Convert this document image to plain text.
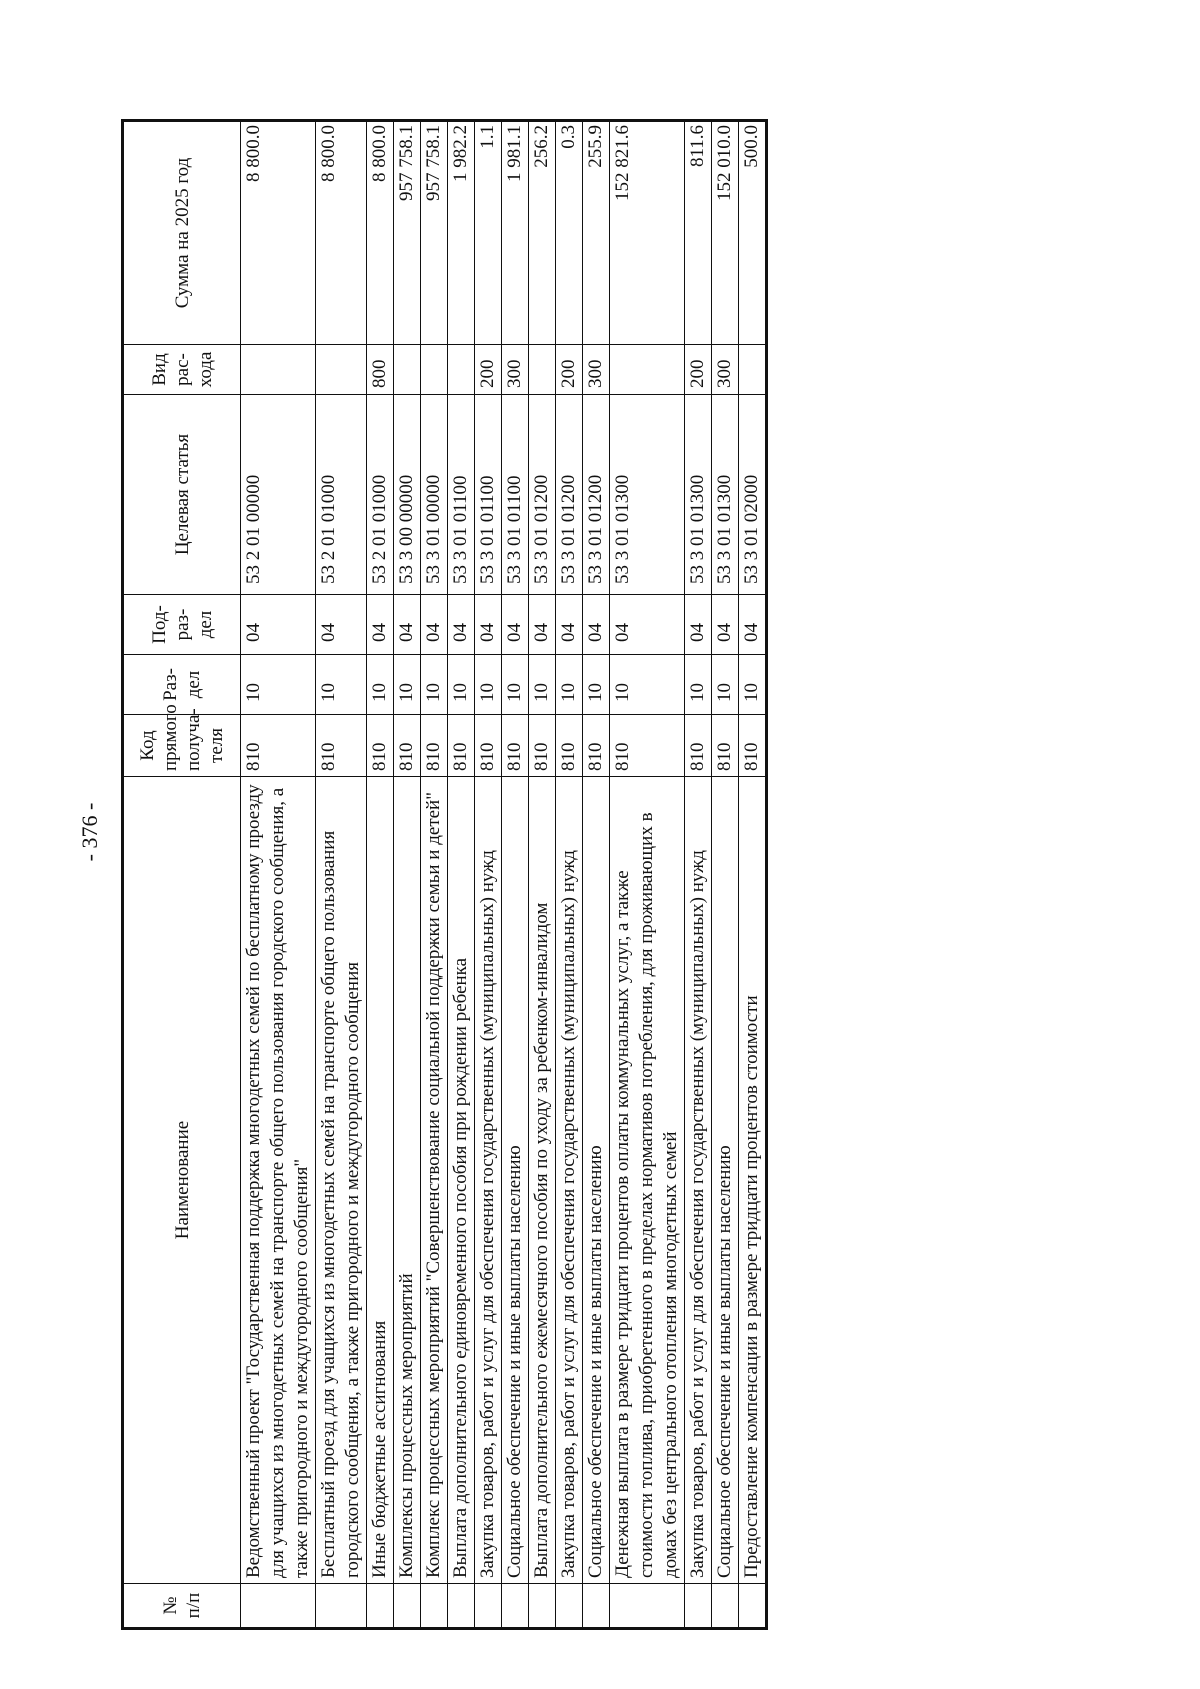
- 376 -
№ п/п	Наименование	Код прямого получа-теля	Раз-дел	Под-раз-дел	Целевая статья	Вид рас-хода	Сумма на 2025 год
	Ведомственный проект "Государственная поддержка многодетных семей по бесплатному проезду для учащихся из многодетных семей на транспорте общего пользования городского сообщения, а также пригородного и междугородного сообщения"	810	10	04	53 2 01 00000		8 800.0
	Бесплатный проезд для учащихся из многодетных семей на транспорте общего пользования городского сообщения, а также пригородного и междугородного сообщения	810	10	04	53 2 01 01000		8 800.0
	Иные бюджетные ассигнования	810	10	04	53 2 01 01000	800	8 800.0
	Комплексы процессных мероприятий	810	10	04	53 3 00 00000		957 758.1
	Комплекс процессных мероприятий "Совершенствование социальной поддержки семьи и детей"	810	10	04	53 3 01 00000		957 758.1
	Выплата дополнительного единовременного пособия при рождении ребенка	810	10	04	53 3 01 01100		1 982.2
	Закупка товаров, работ и услуг для обеспечения государственных (муниципальных) нужд	810	10	04	53 3 01 01100	200	1.1
	Социальное обеспечение и иные выплаты населению	810	10	04	53 3 01 01100	300	1 981.1
	Выплата дополнительного ежемесячного пособия по уходу за ребенком-инвалидом	810	10	04	53 3 01 01200		256.2
	Закупка товаров, работ и услуг для обеспечения государственных (муниципальных) нужд	810	10	04	53 3 01 01200	200	0.3
	Социальное обеспечение и иные выплаты населению	810	10	04	53 3 01 01200	300	255.9
	Денежная выплата в размере тридцати процентов оплаты коммунальных услуг, а также стоимости топлива, приобретенного в пределах нормативов потребления, для проживающих в домах без центрального отопления многодетных семей	810	10	04	53 3 01 01300		152 821.6
	Закупка товаров, работ и услуг для обеспечения государственных (муниципальных) нужд	810	10	04	53 3 01 01300	200	811.6
	Социальное обеспечение и иные выплаты населению	810	10	04	53 3 01 01300	300	152 010.0
	Предоставление компенсации в размере тридцати процентов стоимости	810	10	04	53 3 01 02000		500.0
